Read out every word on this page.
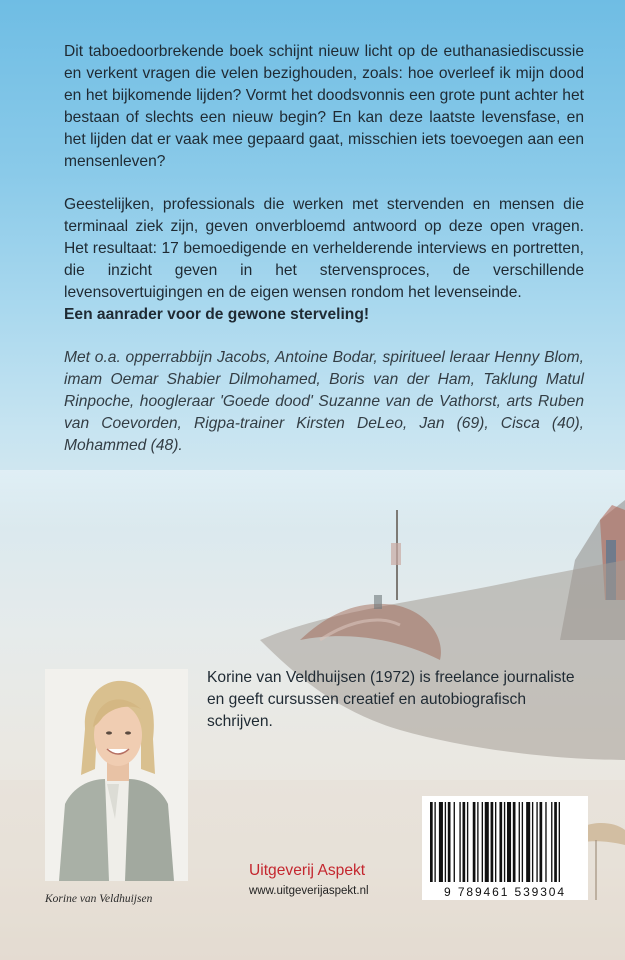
Dit taboedoorbrekende boek schijnt nieuw licht op de euthanasiediscussie en verkent vragen die velen bezighouden, zoals: hoe overleef ik mijn dood en het bijkomende lijden? Vormt het doodsvonnis een grote punt achter het bestaan of slechts een nieuw begin? En kan deze laatste levensfase, en het lijden dat er vaak mee gepaard gaat, misschien iets toevoegen aan een mensenleven?

Geestelijken, professionals die werken met stervenden en mensen die terminaal ziek zijn, geven onverbloemd antwoord op deze open vragen. Het resultaat: 17 bemoedigende en verhelderende interviews en portretten, die inzicht geven in het stervensproces, de verschillende levensovertuigingen en de eigen wensen rondom het levenseinde.

Een aanrader voor de gewone sterveling!

Met o.a. opperrabbijn Jacobs, Antoine Bodar, spiritueel leraar Henny Blom, imam Oemar Shabier Dilmohamed, Boris van der Ham, Taklung Matul Rinpoche, hoogleraar 'Goede dood' Suzanne van de Vathorst, arts Ruben van Coevorden, Rigpa-trainer Kirsten DeLeo, Jan (69), Cisca (40), Mohammed (48).

Korine van Veldhuijsen

Korine van Veldhuijsen (1972) is freelance journaliste en geeft cursussen creatief en autobiografisch schrijven.

Uitgeverij Aspekt
www.uitgeverijaspekt.nl	9 789461 539304
